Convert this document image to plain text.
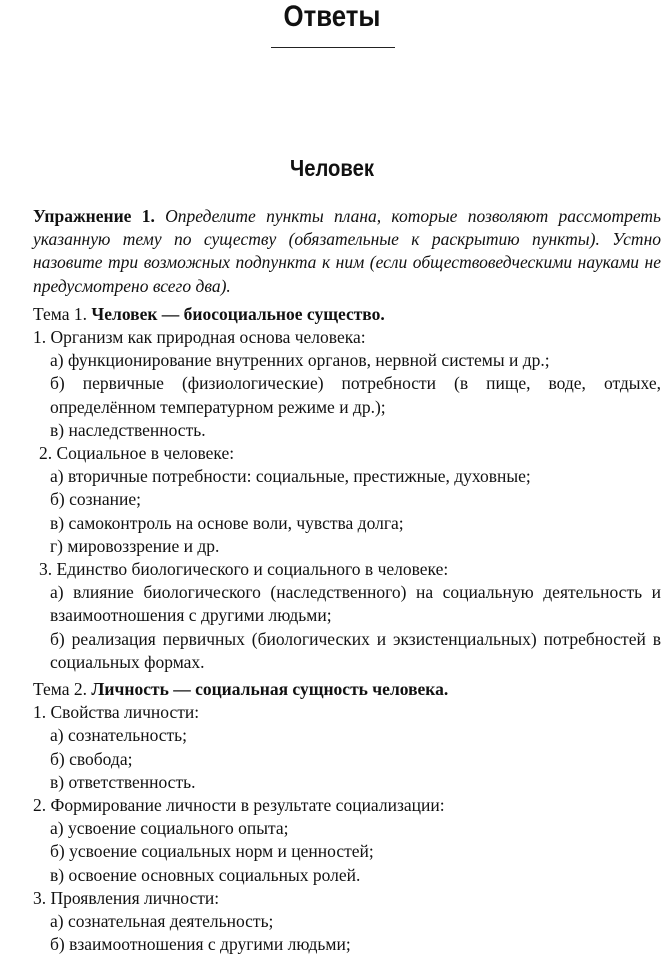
Ответы
Человек

Упражнение 1. Определите пункты плана, которые позволяют рассмотреть указанную тему по существу (обязательные к раскрытию пункты). Устно назовите три возможных подпункта к ним (если обществоведческими науками не предусмотрено всего два).

Тема 1. Человек — биосоциальное существо.
1. Организм как природная основа человека:
а) функционирование внутренних органов, нервной системы и др.;
б) первичные (физиологические) потребности (в пище, воде, отдыхе, определённом температурном режиме и др.);
в) наследственность.
2. Социальное в человеке:
а) вторичные потребности: социальные, престижные, духовные;
б) сознание;
в) самоконтроль на основе воли, чувства долга;
г) мировоззрение и др.
3. Единство биологического и социального в человеке:
а) влияние биологического (наследственного) на социальную деятельность и взаимоотношения с другими людьми;
б) реализация первичных (биологических и экзистенциальных) потребностей в социальных формах.
Тема 2. Личность — социальная сущность человека.
1. Свойства личности:
а) сознательность;
б) свобода;
в) ответственность.
2. Формирование личности в результате социализации:
а) усвоение социального опыта;
б) усвоение социальных норм и ценностей;
в) освоение основных социальных ролей.
3. Проявления личности:
а) сознательная деятельность;
б) взаимоотношения с другими людьми;
